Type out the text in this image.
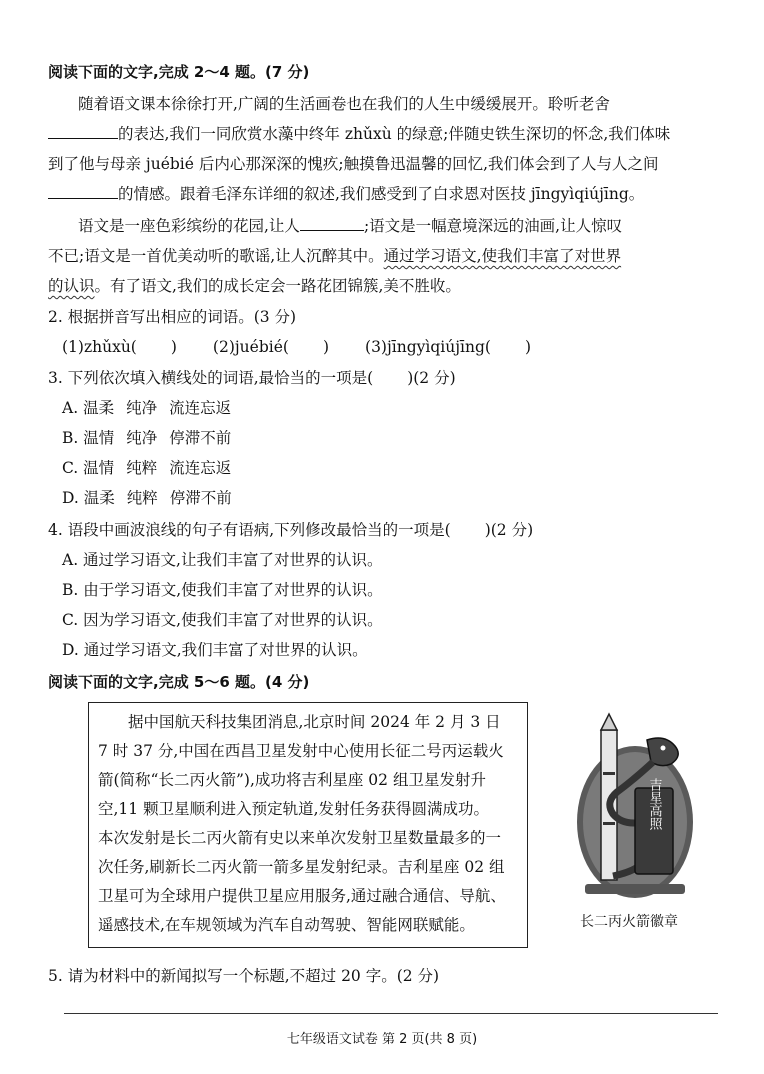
阅读下面的文字,完成 2～4 题。(7 分)
随着语文课本徐徐打开,广阔的生活画卷也在我们的人生中缓缓展开。聆听老舍
的表达,我们一同欣赏水藻中终年 zhǔxù 的绿意;伴随史铁生深切的怀念,我们体味
到了他与母亲 juébié 后内心那深深的愧疚;触摸鲁迅温馨的回忆,我们体会到了人与人之间
的情感。跟着毛泽东详细的叙述,我们感受到了白求恩对医技 jīngyìqiújīng。
语文是一座色彩缤纷的花园,让人	;语文是一幅意境深远的油画,让人惊叹
不已;语文是一首优美动听的歌谣,让人沉醉其中。通过学习语文,使我们丰富了对世界
的认识。有了语文,我们的成长定会一路花团锦簇,美不胜收。
2. 根据拼音写出相应的词语。(3 分)
(1)zhǔxù( ) (2)juébié( ) (3)jīngyìqiújīng( )
3. 下列依次填入横线处的词语,最恰当的一项是( )(2 分)
A. 温柔 纯净 流连忘返
B. 温情 纯净 停滞不前
C. 温情 纯粹 流连忘返
D. 温柔 纯粹 停滞不前
4. 语段中画波浪线的句子有语病,下列修改最恰当的一项是( )(2 分)
A. 通过学习语文,让我们丰富了对世界的认识。
B. 由于学习语文,使我们丰富了对世界的认识。
C. 因为学习语文,使我们丰富了对世界的认识。
D. 通过学习语文,我们丰富了对世界的认识。
阅读下面的文字,完成 5～6 题。(4 分)
据中国航天科技集团消息,北京时间 2024 年 2 月 3 日
7 时 37 分,中国在西昌卫星发射中心使用长征二号丙运载火
箭(简称“长二丙火箭”),成功将吉利星座 02 组卫星发射升
空,11 颗卫星顺利进入预定轨道,发射任务获得圆满成功。
本次发射是长二丙火箭有史以来单次发射卫星数量最多的一
次任务,刷新长二丙火箭一箭多星发射纪录。吉利星座 02 组
卫星可为全球用户提供卫星应用服务,通过融合通信、导航、
遥感技术,在车规领域为汽车自动驾驶、智能网联赋能。
吉星高照
长二丙火箭徽章
5. 请为材料中的新闻拟写一个标题,不超过 20 字。(2 分)
七年级语文试卷 第 2 页(共 8 页)
